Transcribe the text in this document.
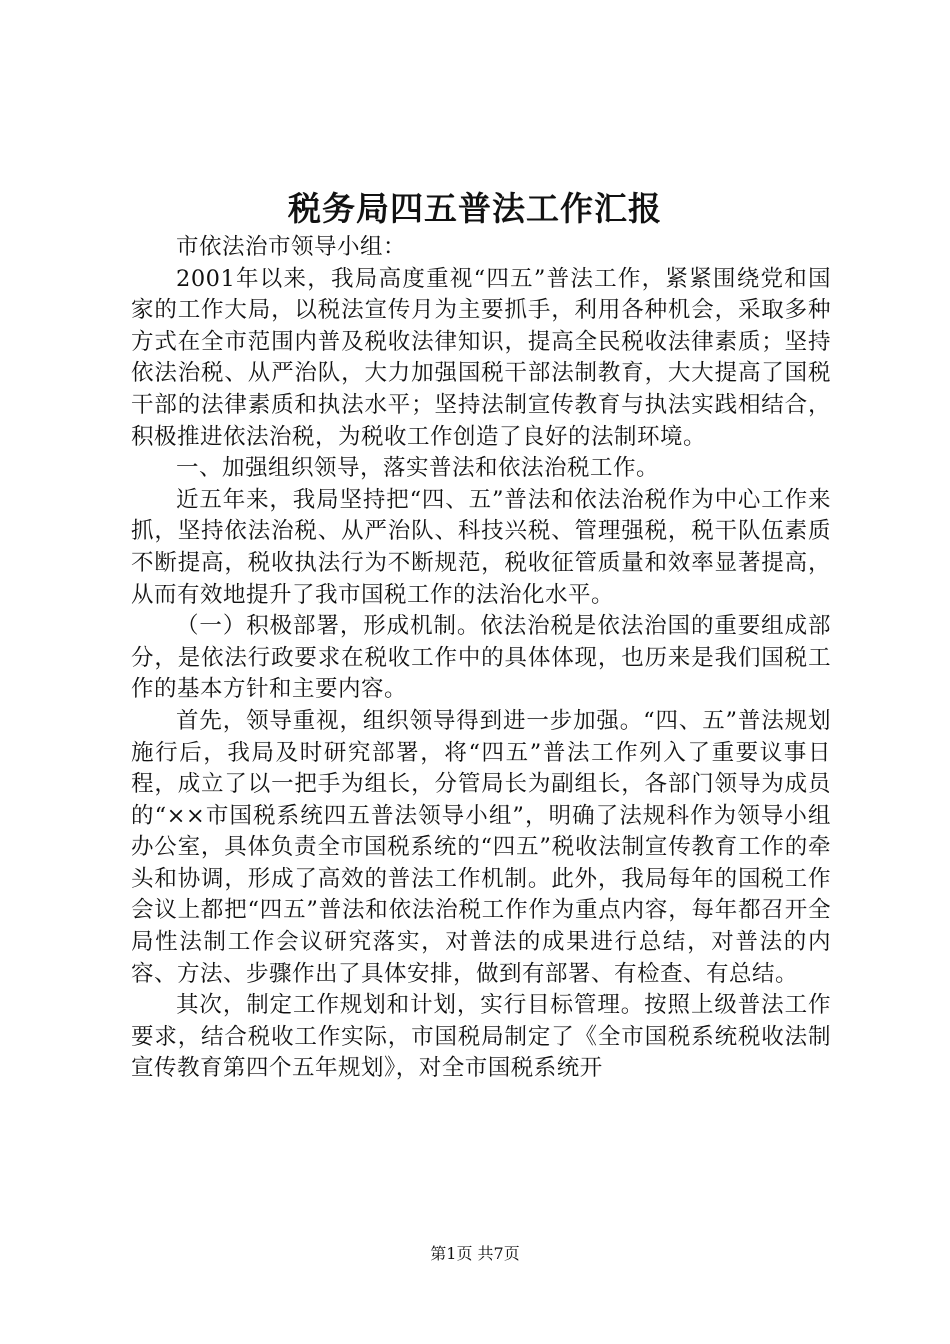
税务局四五普法工作汇报

市依法治市领导小组：

2001年以来，我局高度重视“四五”普法工作，紧紧围绕党和国家的工作大局，以税法宣传月为主要抓手，利用各种机会，采取多种方式在全市范围内普及税收法律知识，提高全民税收法律素质；坚持依法治税、从严治队，大力加强国税干部法制教育，大大提高了国税干部的法律素质和执法水平；坚持法制宣传教育与执法实践相结合，积极推进依法治税，为税收工作创造了良好的法制环境。

一、加强组织领导，落实普法和依法治税工作。

近五年来，我局坚持把“四、五”普法和依法治税作为中心工作来抓，坚持依法治税、从严治队、科技兴税、管理强税，税干队伍素质不断提高，税收执法行为不断规范，税收征管质量和效率显著提高，从而有效地提升了我市国税工作的法治化水平。

（一）积极部署，形成机制。依法治税是依法治国的重要组成部分，是依法行政要求在税收工作中的具体体现，也历来是我们国税工作的基本方针和主要内容。

首先，领导重视，组织领导得到进一步加强。“四、五”普法规划施行后，我局及时研究部署，将“四五”普法工作列入了重要议事日程，成立了以一把手为组长，分管局长为副组长，各部门领导为成员的“××市国税系统四五普法领导小组”，明确了法规科作为领导小组办公室，具体负责全市国税系统的“四五”税收法制宣传教育工作的牵头和协调，形成了高效的普法工作机制。此外，我局每年的国税工作会议上都把“四五”普法和依法治税工作作为重点内容，每年都召开全局性法制工作会议研究落实，对普法的成果进行总结，对普法的内容、方法、步骤作出了具体安排，做到有部署、有检查、有总结。

其次，制定工作规划和计划，实行目标管理。按照上级普法工作要求，结合税收工作实际，市国税局制定了《全市国税系统税收法制宣传教育第四个五年规划》，对全市国税系统开

第1页 共7页
